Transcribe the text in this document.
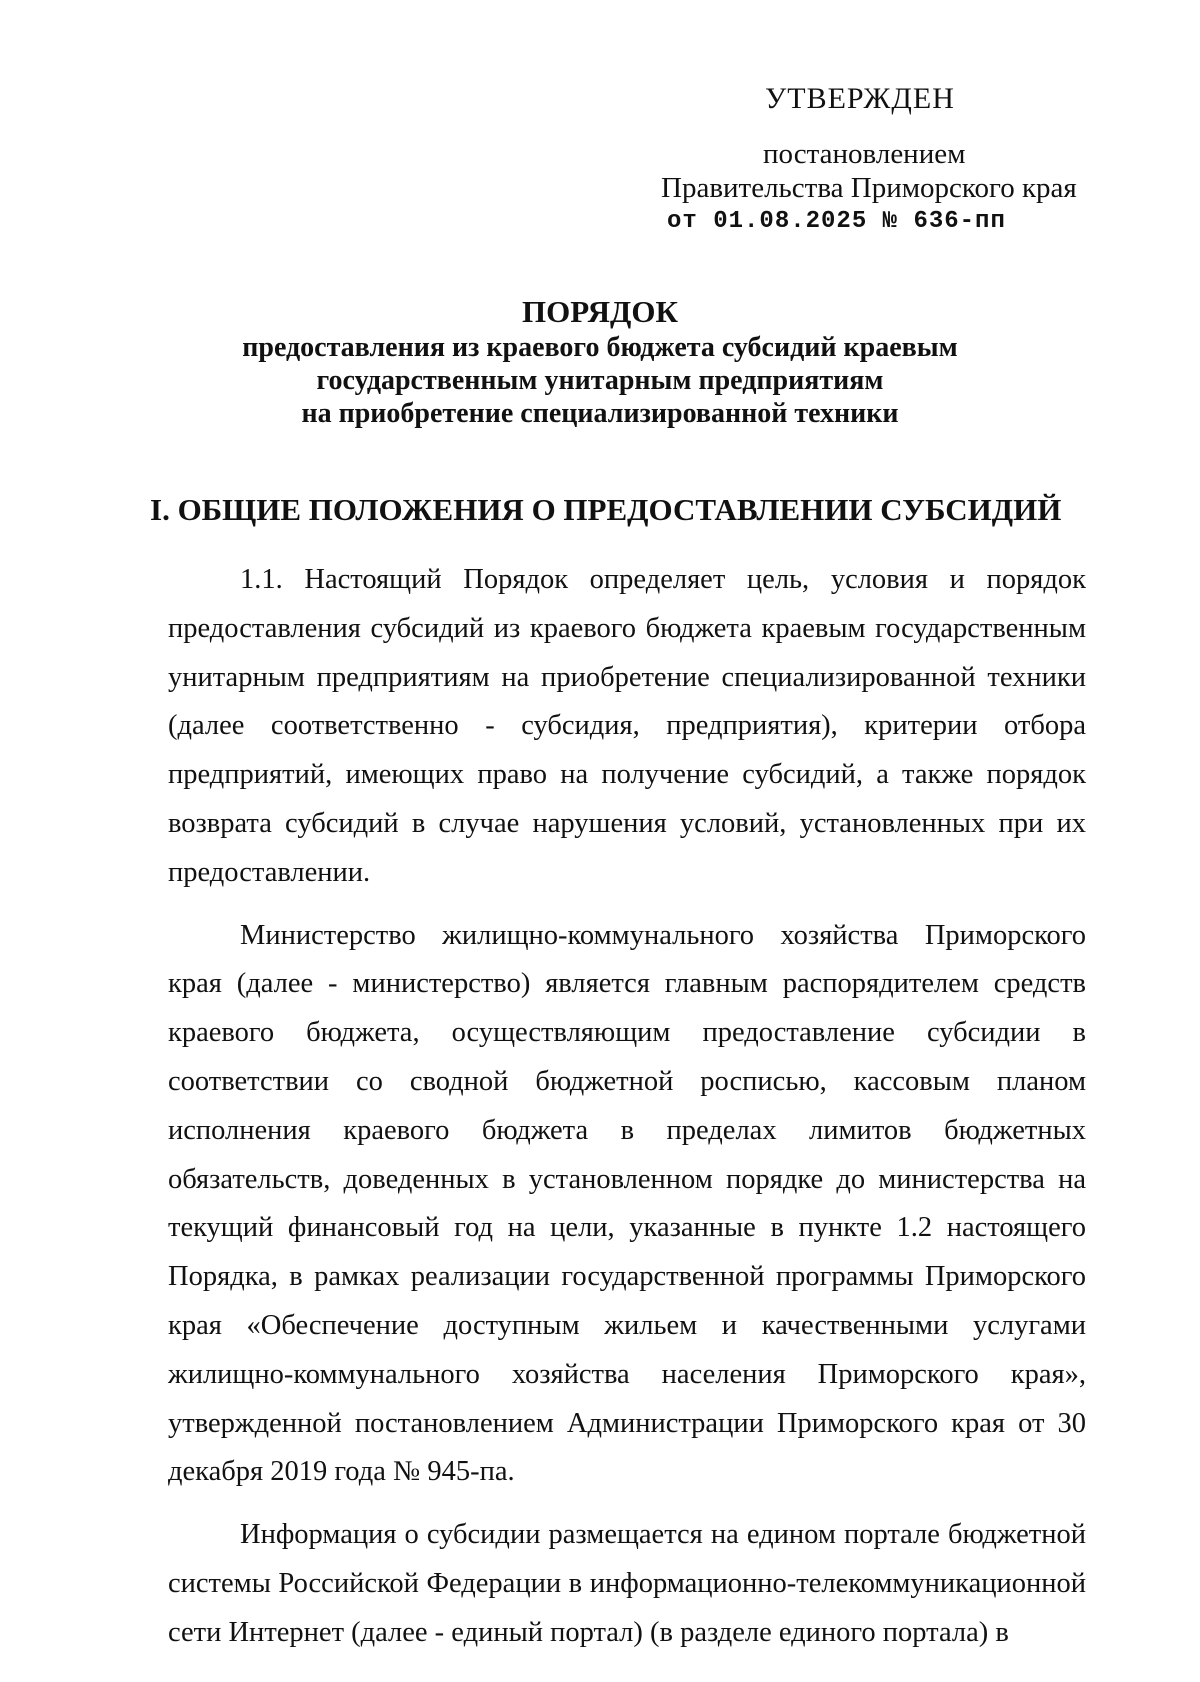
УТВЕРЖДЕН
постановлением
Правительства Приморского края
от 01.08.2025 № 636-пп
ПОРЯДОК
предоставления из краевого бюджета субсидий краевым
государственным унитарным предприятиям
на приобретение специализированной техники
I. ОБЩИЕ ПОЛОЖЕНИЯ О ПРЕДОСТАВЛЕНИИ СУБСИДИЙ

1.1. Настоящий Порядок определяет цель, условия и порядок предоставления субсидий из краевого бюджета краевым государственным унитарным предприятиям на приобретение специализированной техники (далее соответственно - субсидия, предприятия), критерии отбора предприятий, имеющих право на получение субсидий, а также порядок возврата субсидий в случае нарушения условий, установленных при их предоставлении.

Министерство жилищно-коммунального хозяйства Приморского края (далее - министерство) является главным распорядителем средств краевого бюджета, осуществляющим предоставление субсидии в соответствии со сводной бюджетной росписью, кассовым планом исполнения краевого бюджета в пределах лимитов бюджетных обязательств, доведенных в установленном порядке до министерства на текущий финансовый год на цели, указанные в пункте 1.2 настоящего Порядка, в рамках реализации государственной программы Приморского края «Обеспечение доступным жильем и качественными услугами жилищно-коммунального хозяйства населения Приморского края», утвержденной постановлением Администрации Приморского края от 30 декабря 2019 года № 945-па.

Информация о субсидии размещается на едином портале бюджетной системы Российской Федерации в информационно-телекоммуникационной сети Интернет (далее - единый портал) (в разделе единого портала) в
